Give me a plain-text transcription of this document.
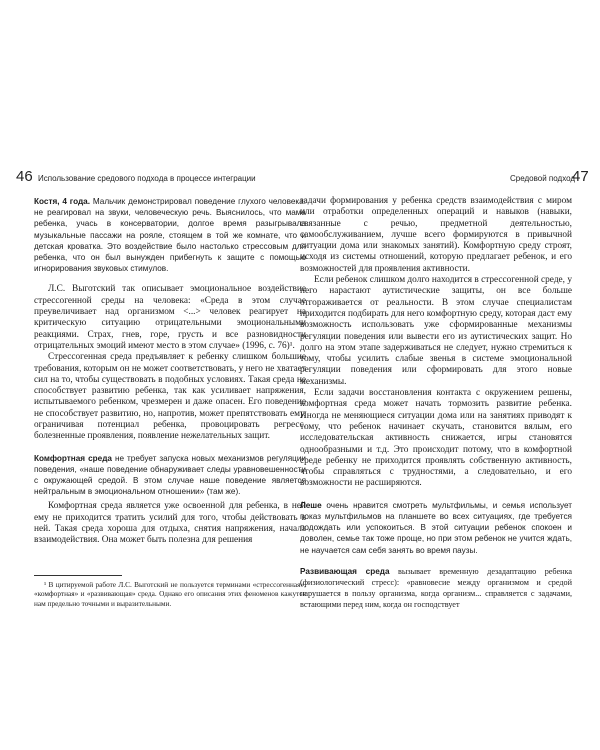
46 Использование средового подхода в процессе интеграции	Средовой подход
47

Костя, 4 года. Мальчик демонстрировал поведение глухого человека: не реагировал на звуки, человеческую речь. Выяснилось, что мама ребенка, учась в консерватории, долгое время разыгрывала музыкальные пассажи на рояле, стоящем в той же комнате, что и детская кроватка. Это воздействие было настолько стрессовым для ребенка, что он был вынужден прибегнуть к защите с помощью игнорирования звуковых стимулов.

Л.С. Выготский так описывает эмоциональное воздействие стрессогенной среды на человека: «Среда в этом случае преувеличивает над организмом <...> человек реагирует на критическую ситуацию отрицательными эмоциональными реакциями. Страх, гнев, горе, грусть и все разновидности отрицательных эмоций имеют место в этом случае» (1996, с. 76)¹.

Стрессогенная среда предъявляет к ребенку слишком большие требования, которым он не может соответствовать, у него не хватает сил на то, чтобы существовать в подобных условиях. Такая среда не способствует развитию ребенка, так как усиливает напряжения, испытываемого ребенком, чрезмерен и даже опасен. Его поведение не способствует развитию, но, напротив, может препятствовать ему, ограничивая потенциал ребенка, провоцировать регресс, болезненные проявления, появление нежелательных защит.

Комфортная среда не требует запуска новых механизмов регуляции поведения, «наше поведение обнаруживает следы уравновешенности с окружающей средой. В этом случае наше поведение является нейтральным в эмоциональном отношении» (там же).

Комфортная среда является уже освоенной для ребенка, в ней ему не приходится тратить усилий для того, чтобы действовать в ней. Такая среда хороша для отдыха, снятия напряжения, начала взаимодействия. Она может быть полезна для решения

¹ В цитируемой работе Л.С. Выготский не пользуется терминами «стрессогенная», «комфортная» и «развивающая» среда. Однако его описания этих феноменов кажутся нам предельно точными и выразительными.

задачи формирования у ребенка средств взаимодействия с миром или отработки определенных операций и навыков (навыки, связанные с речью, предметной деятельностью, самообслуживанием, лучше всего формируются в привычной ситуации дома или знакомых занятий). Комфортную среду строят, исходя из системы отношений, которую предлагает ребенок, и его возможностей для проявления активности.

Если ребенок слишком долго находится в стрессогенной среде, у него нарастают аутистические защиты, он все больше отгораживается от реальности. В этом случае специалистам приходится подбирать для него комфортную среду, которая даст ему возможность использовать уже сформированные механизмы регуляции поведения или вывести его из аутистических защит. Но долго на этом этапе задерживаться не следует, нужно стремиться к тому, чтобы усилить слабые звенья в системе эмоциональной регуляции поведения или сформировать для этого новые механизмы.

Если задачи восстановления контакта с окружением решены, комфортная среда может начать тормозить развитие ребенка. Иногда не меняющиеся ситуации дома или на занятиях приводят к тому, что ребенок начинает скучать, становится вялым, его исследовательская активность снижается, игры становятся однообразными и т.д. Это происходит потому, что в комфортной среде ребенку не приходится проявлять собственную активность, чтобы справляться с трудностями, а следовательно, и его возможности не расширяются.

Леше очень нравится смотреть мультфильмы, и семья использует показ мультфильмов на планшете во всех ситуациях, где требуется подождать или успокоиться. В этой ситуации ребенок спокоен и доволен, семье так тоже проще, но при этом ребенок не учится ждать, не научается сам себя занять во время паузы.

Развивающая среда вызывает временную дезадаптацию ребенка (физиологический стресс): «равновесие между организмом и средой нарушается в пользу организма, когда организм... справляется с задачами, встающими перед ним, когда он господствует
